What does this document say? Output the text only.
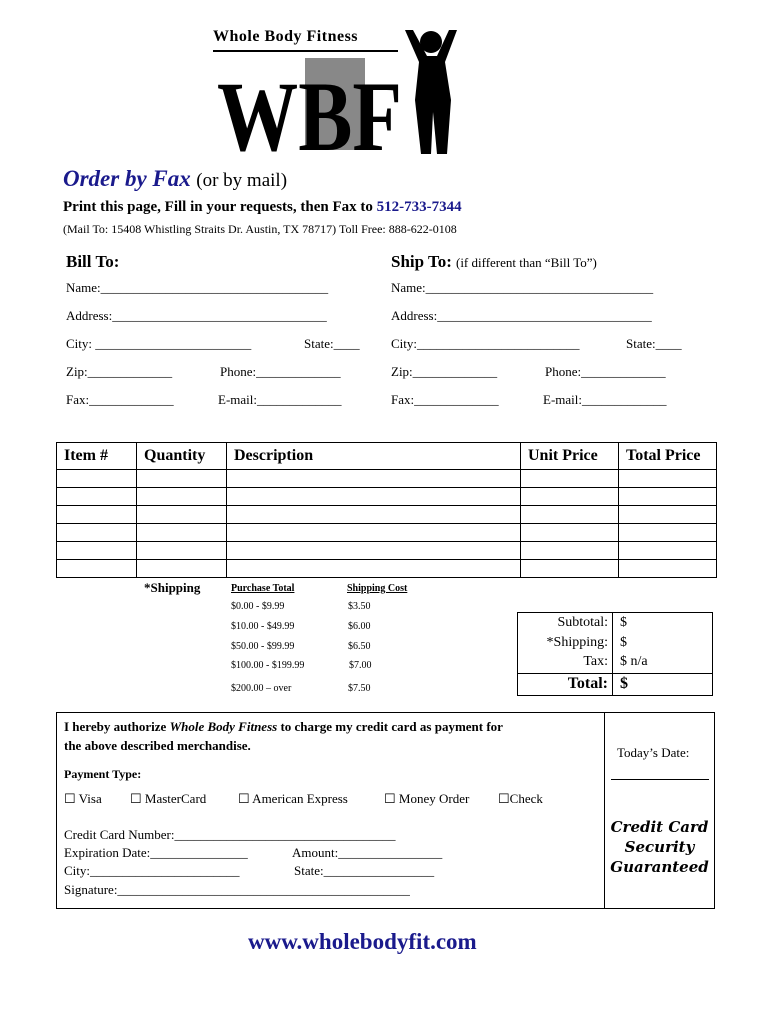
Whole Body Fitness
WBF
Order by Fax (or by mail)
Print this page, Fill in your requests, then Fax to 512-733-7344
(Mail To: 15408 Whistling Straits Dr. Austin, TX 78717) Toll Free: 888-622-0108
Bill To:
Name:___________________________________
Address:_________________________________
City: ________________________	State:____
Zip:_____________	Phone:_____________
Fax:_____________	E-mail:_____________
Ship To: (if different than “Bill To”)
Name:___________________________________
Address:_________________________________
City:_________________________	State:____
Zip:_____________	Phone:_____________
Fax:_____________	E-mail:_____________
Item #	Quantity	Description	Unit Price	Total Price

*Shipping	Purchase Total	Shipping Cost
$0.00 - $9.99	$3.50
$10.00 - $49.99	$6.00
$50.00 - $99.99	$6.50
$100.00 - $199.99	$7.00
$200.00 – over	$7.50
Subtotal: $
*Shipping: $
Tax: $ n/a
Total: $
I hereby authorize Whole Body Fitness to charge my credit card as payment for
the above described merchandise.
Payment Type:
☐ Visa ☐ MasterCard ☐ American Express	☐ Money Order ☐Check
Credit Card Number:__________________________________
Expiration Date:_______________	Amount:________________
City:_______________________	State:_________________
Signature:_____________________________________________
Today’s Date:
Credit Card
Security
Guaranteed
www.wholebodyfit.com
